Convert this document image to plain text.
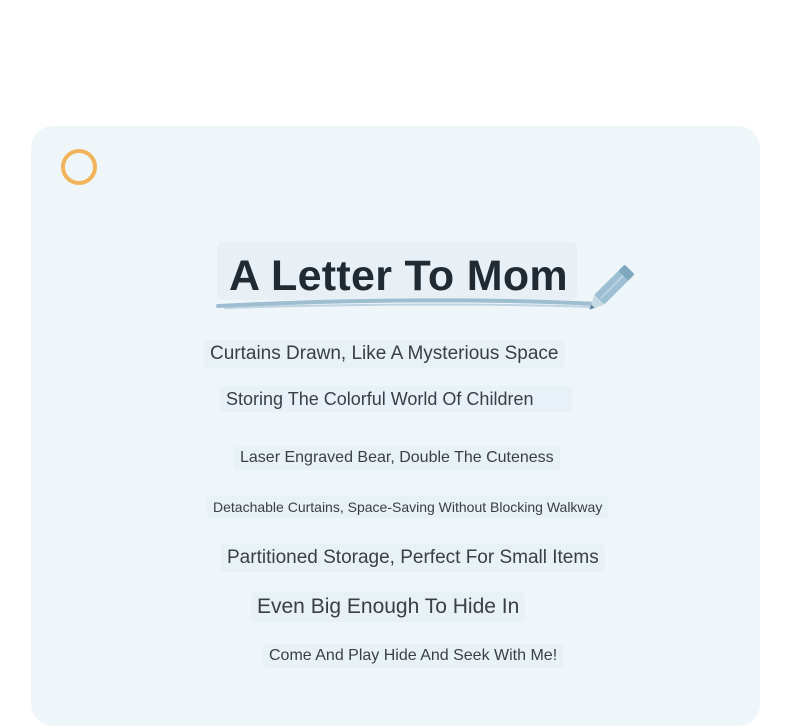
A Letter To Mom
Curtains Drawn, Like A Mysterious Space
Storing The Colorful World Of Children
Laser Engraved Bear, Double The Cuteness
Detachable Curtains, Space-Saving Without Blocking Walkway
Partitioned Storage, Perfect For Small Items
Even Big Enough To Hide In
Come And Play Hide And Seek With Me!
